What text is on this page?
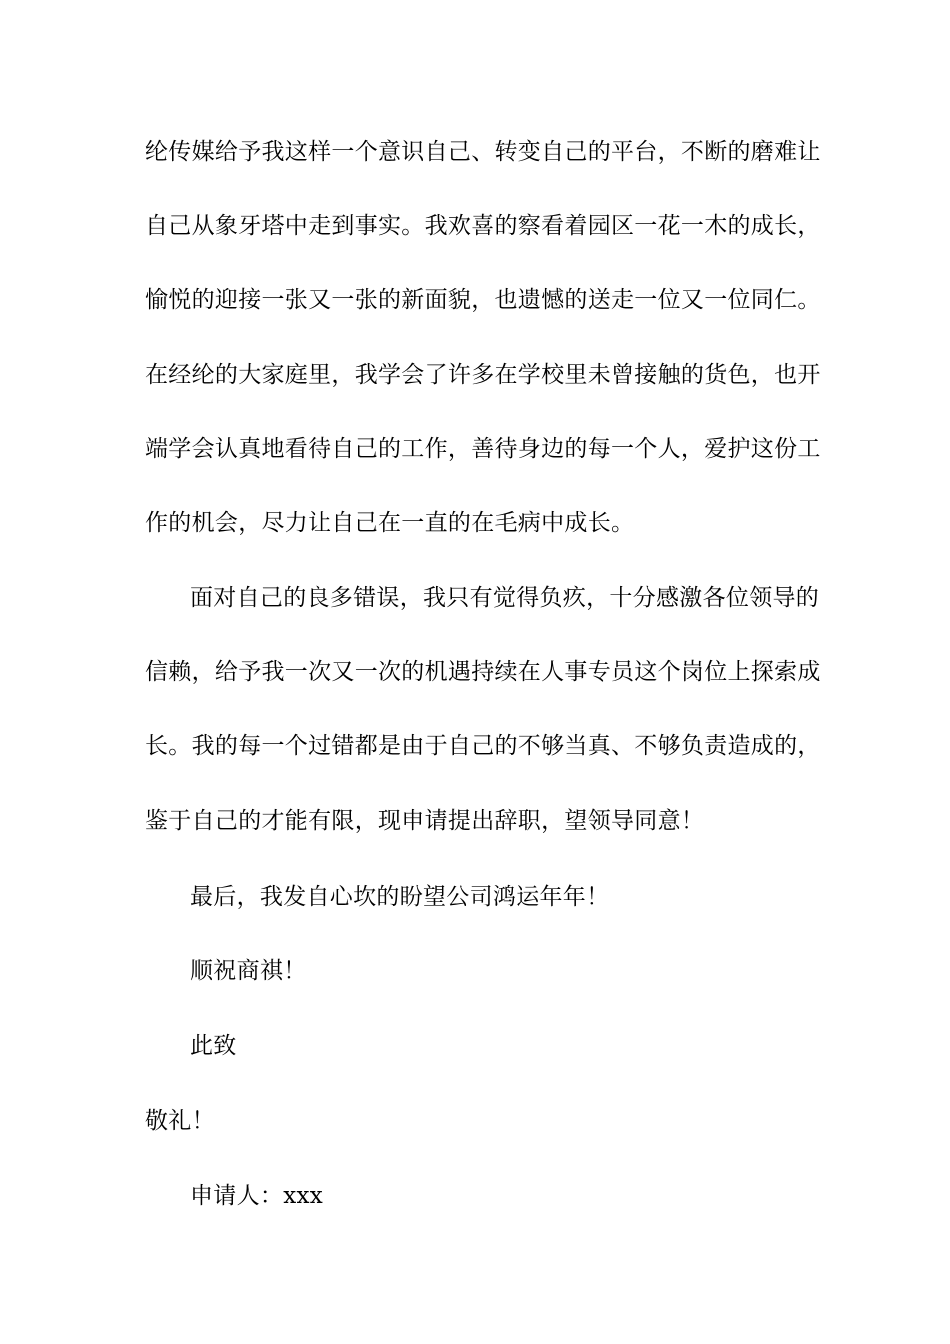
纶传媒给予我这样一个意识自己、转变自己的平台，不断的磨难让
自己从象牙塔中走到事实。我欢喜的察看着园区一花一木的成长，
愉悦的迎接一张又一张的新面貌，也遗憾的送走一位又一位同仁。
在经纶的大家庭里，我学会了许多在学校里未曾接触的货色，也开
端学会认真地看待自己的工作，善待身边的每一个人，爱护这份工
作的机会，尽力让自己在一直的在毛病中成长。
面对自己的良多错误，我只有觉得负疚，十分感激各位领导的
信赖，给予我一次又一次的机遇持续在人事专员这个岗位上探索成
长。我的每一个过错都是由于自己的不够当真、不够负责造成的，
鉴于自己的才能有限，现申请提出辞职，望领导同意！
最后，我发自心坎的盼望公司鸿运年年！
顺祝商祺！
此致
敬礼！
申请人：xxx
